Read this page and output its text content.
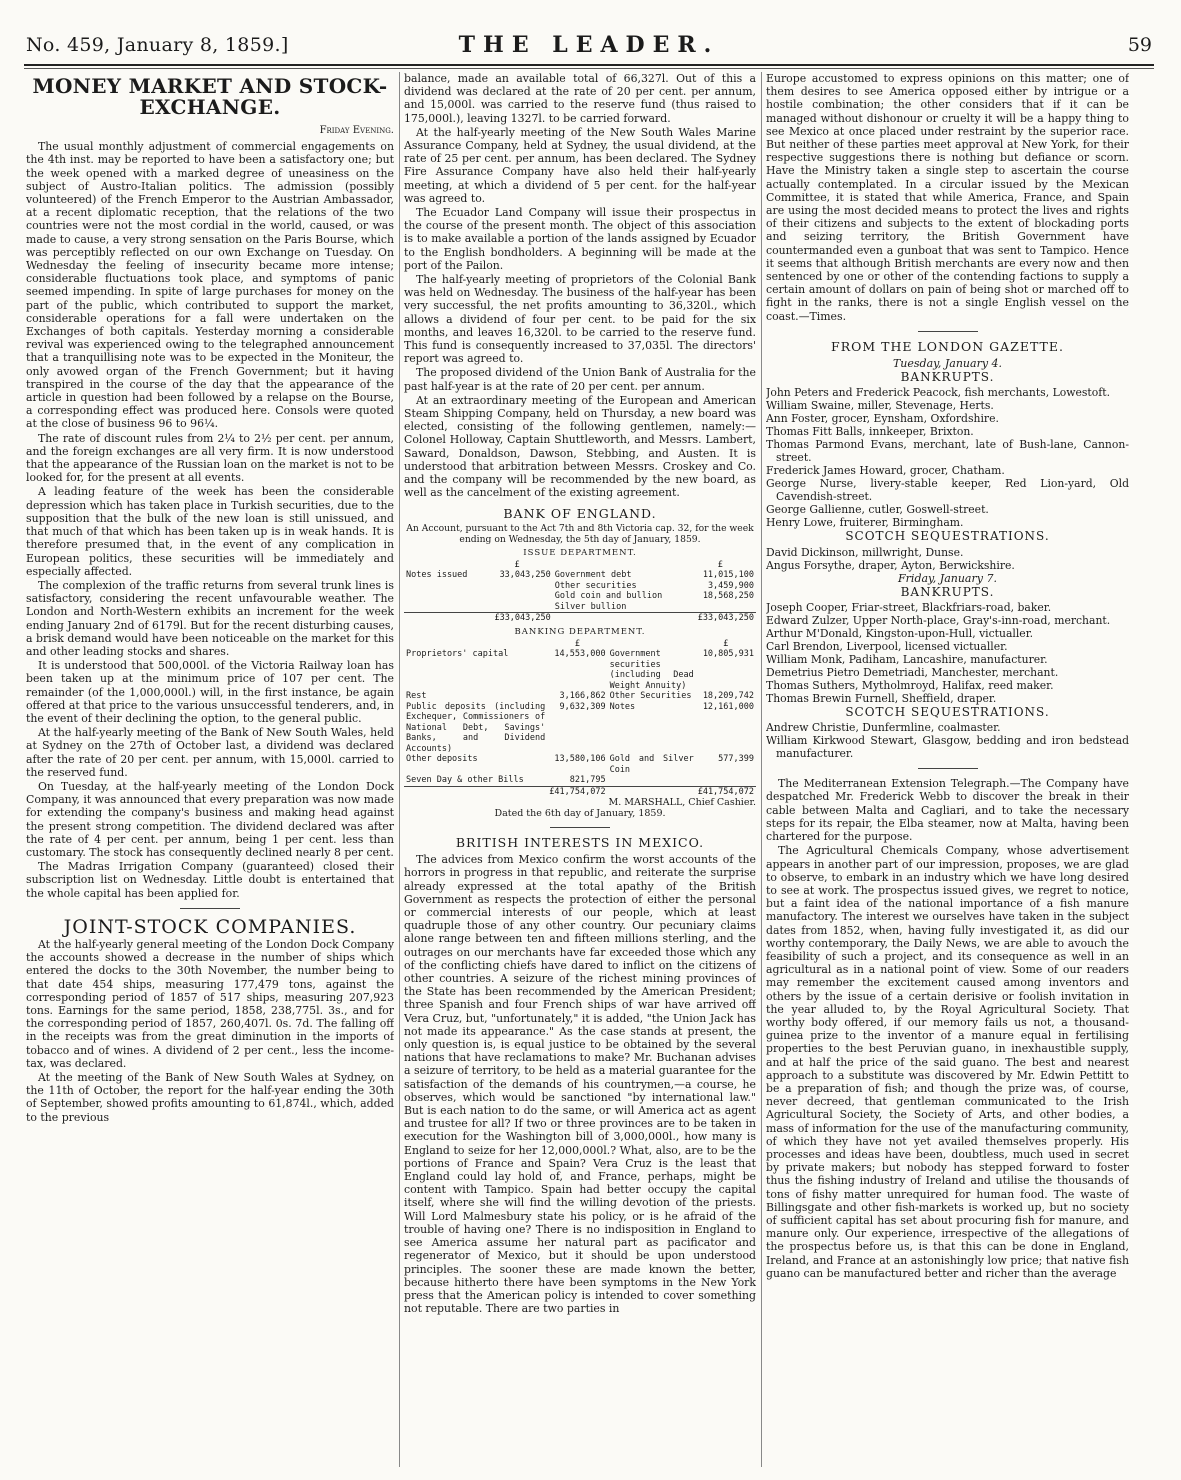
No. 459, January 8, 1859.]	THE LEADER.	59
MONEY MARKET AND STOCK-EXCHANGE.
Friday Evening.

The usual monthly adjustment of commercial engagements on the 4th inst. may be reported to have been a satisfactory one; but the week opened with a marked degree of uneasiness on the subject of Austro-Italian politics. The admission (possibly volunteered) of the French Emperor to the Austrian Ambassador, at a recent diplomatic reception, that the relations of the two countries were not the most cordial in the world, caused, or was made to cause, a very strong sensation on the Paris Bourse, which was perceptibly reflected on our own Exchange on Tuesday. On Wednesday the feeling of insecurity became more intense; considerable fluctuations took place, and symptoms of panic seemed impending. In spite of large purchases for money on the part of the public, which contributed to support the market, considerable operations for a fall were undertaken on the Exchanges of both capitals. Yesterday morning a considerable revival was experienced owing to the telegraphed announcement that a tranquillising note was to be expected in the Moniteur, the only avowed organ of the French Government; but it having transpired in the course of the day that the appearance of the article in question had been followed by a relapse on the Bourse, a corresponding effect was produced here. Consols were quoted at the close of business 96 to 96¼.

The rate of discount rules from 2¼ to 2½ per cent. per annum, and the foreign exchanges are all very firm. It is now understood that the appearance of the Russian loan on the market is not to be looked for, for the present at all events.

A leading feature of the week has been the considerable depression which has taken place in Turkish securities, due to the supposition that the bulk of the new loan is still unissued, and that much of that which has been taken up is in weak hands. It is therefore presumed that, in the event of any complication in European politics, these securities will be immediately and especially affected.

The complexion of the traffic returns from several trunk lines is satisfactory, considering the recent unfavourable weather. The London and North-Western exhibits an increment for the week ending January 2nd of 6179l. But for the recent disturbing causes, a brisk demand would have been noticeable on the market for this and other leading stocks and shares.

It is understood that 500,000l. of the Victoria Railway loan has been taken up at the minimum price of 107 per cent. The remainder (of the 1,000,000l.) will, in the first instance, be again offered at that price to the various unsuccessful tenderers, and, in the event of their declining the option, to the general public.

At the half-yearly meeting of the Bank of New South Wales, held at Sydney on the 27th of October last, a dividend was declared after the rate of 20 per cent. per annum, with 15,000l. carried to the reserved fund.

On Tuesday, at the half-yearly meeting of the London Dock Company, it was announced that every preparation was now made for extending the company's business and making head against the present strong competition. The dividend declared was after the rate of 4 per cent. per annum, being 1 per cent. less than customary. The stock has consequently declined nearly 8 per cent.

The Madras Irrigation Company (guaranteed) closed their subscription list on Wednesday. Little doubt is entertained that the whole capital has been applied for.

JOINT-STOCK COMPANIES.

At the half-yearly general meeting of the London Dock Company the accounts showed a decrease in the number of ships which entered the docks to the 30th November, the number being to that date 454 ships, measuring 177,479 tons, against the corresponding period of 1857 of 517 ships, measuring 207,923 tons. Earnings for the same period, 1858, 238,775l. 3s., and for the corresponding period of 1857, 260,407l. 0s. 7d. The falling off in the receipts was from the great diminution in the imports of tobacco and of wines. A dividend of 2 per cent., less the income-tax, was declared.

At the meeting of the Bank of New South Wales at Sydney, on the 11th of October, the report for the half-year ending the 30th of September, showed profits amounting to 61,874l., which, added to the previous

balance, made an available total of 66,327l. Out of this a dividend was declared at the rate of 20 per cent. per annum, and 15,000l. was carried to the reserve fund (thus raised to 175,000l.), leaving 1327l. to be carried forward.

At the half-yearly meeting of the New South Wales Marine Assurance Company, held at Sydney, the usual dividend, at the rate of 25 per cent. per annum, has been declared. The Sydney Fire Assurance Company have also held their half-yearly meeting, at which a dividend of 5 per cent. for the half-year was agreed to.

The Ecuador Land Company will issue their prospectus in the course of the present month. The object of this association is to make available a portion of the lands assigned by Ecuador to the English bondholders. A beginning will be made at the port of the Pailon.

The half-yearly meeting of proprietors of the Colonial Bank was held on Wednesday. The business of the half-year has been very successful, the net profits amounting to 36,320l., which allows a dividend of four per cent. to be paid for the six months, and leaves 16,320l. to be carried to the reserve fund. This fund is consequently increased to 37,035l. The directors' report was agreed to.

The proposed dividend of the Union Bank of Australia for the past half-year is at the rate of 20 per cent. per annum.

At an extraordinary meeting of the European and American Steam Shipping Company, held on Thursday, a new board was elected, consisting of the following gentlemen, namely:—Colonel Holloway, Captain Shuttleworth, and Messrs. Lambert, Saward, Donaldson, Dawson, Stebbing, and Austen. It is understood that arbitration between Messrs. Croskey and Co. and the company will be recommended by the new board, as well as the cancelment of the existing agreement.

BANK OF ENGLAND.

An Account, pursuant to the Act 7th and 8th Victoria cap. 32, for the week ending on Wednesday, the 5th day of January, 1859.

ISSUE DEPARTMENT.
	£		£
Notes issued	33,043,250	Government debt	11,015,100
		Other securities	3,459,900
		Gold coin and bullion	18,568,250
		Silver bullion	
	£33,043,250		£33,043,250
BANKING DEPARTMENT.
	£		£
Proprietors' capital	14,553,000	Government securities (including Dead Weight Annuity)	10,805,931
Rest	3,166,862	Other Securities	18,209,742
Public deposits (including Exchequer, Commissioners of National Debt, Savings' Banks, and Dividend Accounts)	9,632,309	Notes	12,161,000
Other deposits	13,580,106	Gold and Silver Coin	577,399
Seven Day & other Bills	821,795		
	£41,754,072		£41,754,072
M. MARSHALL, Chief Cashier.
Dated the 6th day of January, 1859.
BRITISH INTERESTS IN MEXICO.

The advices from Mexico confirm the worst accounts of the horrors in progress in that republic, and reiterate the surprise already expressed at the total apathy of the British Government as respects the protection of either the personal or commercial interests of our people, which at least quadruple those of any other country. Our pecuniary claims alone range between ten and fifteen millions sterling, and the outrages on our merchants have far exceeded those which any of the conflicting chiefs have dared to inflict on the citizens of other countries. A seizure of the richest mining provinces of the State has been recommended by the American President; three Spanish and four French ships of war have arrived off Vera Cruz, but, "unfortunately," it is added, "the Union Jack has not made its appearance." As the case stands at present, the only question is, is equal justice to be obtained by the several nations that have reclamations to make? Mr. Buchanan advises a seizure of territory, to be held as a material guarantee for the satisfaction of the demands of his countrymen,—a course, he observes, which would be sanctioned "by international law." But is each nation to do the same, or will America act as agent and trustee for all? If two or three provinces are to be taken in execution for the Washington bill of 3,000,000l., how many is England to seize for her 12,000,000l.? What, also, are to be the portions of France and Spain? Vera Cruz is the least that England could lay hold of, and France, perhaps, might be content with Tampico. Spain had better occupy the capital itself, where she will find the willing devotion of the priests. Will Lord Malmesbury state his policy, or is he afraid of the trouble of having one? There is no indisposition in England to see America assume her natural part as pacificator and regenerator of Mexico, but it should be upon understood principles. The sooner these are made known the better, because hitherto there have been symptoms in the New York press that the American policy is intended to cover something not reputable. There are two parties in

Europe accustomed to express opinions on this matter; one of them desires to see America opposed either by intrigue or a hostile combination; the other considers that if it can be managed without dishonour or cruelty it will be a happy thing to see Mexico at once placed under restraint by the superior race. But neither of these parties meet approval at New York, for their respective suggestions there is nothing but defiance or scorn. Have the Ministry taken a single step to ascertain the course actually contemplated. In a circular issued by the Mexican Committee, it is stated that while America, France, and Spain are using the most decided means to protect the lives and rights of their citizens and subjects to the extent of blockading ports and seizing territory, the British Government have countermanded even a gunboat that was sent to Tampico. Hence it seems that although British merchants are every now and then sentenced by one or other of the contending factions to supply a certain amount of dollars on pain of being shot or marched off to fight in the ranks, there is not a single English vessel on the coast.—Times.

FROM THE LONDON GAZETTE.
Tuesday, January 4.
BANKRUPTS.
John Peters and Frederick Peacock, fish merchants, Lowestoft.
William Swaine, miller, Stevenage, Herts.
Ann Foster, grocer, Eynsham, Oxfordshire.
Thomas Fitt Balls, innkeeper, Brixton.
Thomas Parmond Evans, merchant, late of Bush-lane, Cannon-street.
Frederick James Howard, grocer, Chatham.
George Nurse, livery-stable keeper, Red Lion-yard, Old Cavendish-street.
George Gallienne, cutler, Goswell-street.
Henry Lowe, fruiterer, Birmingham.
SCOTCH SEQUESTRATIONS.
David Dickinson, millwright, Dunse.
Angus Forsythe, draper, Ayton, Berwickshire.
Friday, January 7.
BANKRUPTS.
Joseph Cooper, Friar-street, Blackfriars-road, baker.
Edward Zulzer, Upper North-place, Gray's-inn-road, merchant.
Arthur M'Donald, Kingston-upon-Hull, victualler.
Carl Brendon, Liverpool, licensed victualler.
William Monk, Padiham, Lancashire, manufacturer.
Demetrius Pietro Demetriadi, Manchester, merchant.
Thomas Suthers, Mytholmroyd, Halifax, reed maker.
Thomas Brewin Furnell, Sheffield, draper.
SCOTCH SEQUESTRATIONS.
Andrew Christie, Dunfermline, coalmaster.
William Kirkwood Stewart, Glasgow, bedding and iron bedstead manufacturer.

The Mediterranean Extension Telegraph.—The Company have despatched Mr. Frederick Webb to discover the break in their cable between Malta and Cagliari, and to take the necessary steps for its repair, the Elba steamer, now at Malta, having been chartered for the purpose.

The Agricultural Chemicals Company, whose advertisement appears in another part of our impression, proposes, we are glad to observe, to embark in an industry which we have long desired to see at work. The prospectus issued gives, we regret to notice, but a faint idea of the national importance of a fish manure manufactory. The interest we ourselves have taken in the subject dates from 1852, when, having fully investigated it, as did our worthy contemporary, the Daily News, we are able to avouch the feasibility of such a project, and its consequence as well in an agricultural as in a national point of view. Some of our readers may remember the excitement caused among inventors and others by the issue of a certain derisive or foolish invitation in the year alluded to, by the Royal Agricultural Society. That worthy body offered, if our memory fails us not, a thousand-guinea prize to the inventor of a manure equal in fertilising properties to the best Peruvian guano, in inexhaustible supply, and at half the price of the said guano. The best and nearest approach to a substitute was discovered by Mr. Edwin Pettitt to be a preparation of fish; and though the prize was, of course, never decreed, that gentleman communicated to the Irish Agricultural Society, the Society of Arts, and other bodies, a mass of information for the use of the manufacturing community, of which they have not yet availed themselves properly. His processes and ideas have been, doubtless, much used in secret by private makers; but nobody has stepped forward to foster thus the fishing industry of Ireland and utilise the thousands of tons of fishy matter unrequired for human food. The waste of Billingsgate and other fish-markets is worked up, but no society of sufficient capital has set about procuring fish for manure, and manure only. Our experience, irrespective of the allegations of the prospectus before us, is that this can be done in England, Ireland, and France at an astonishingly low price; that native fish guano can be manufactured better and richer than the average
